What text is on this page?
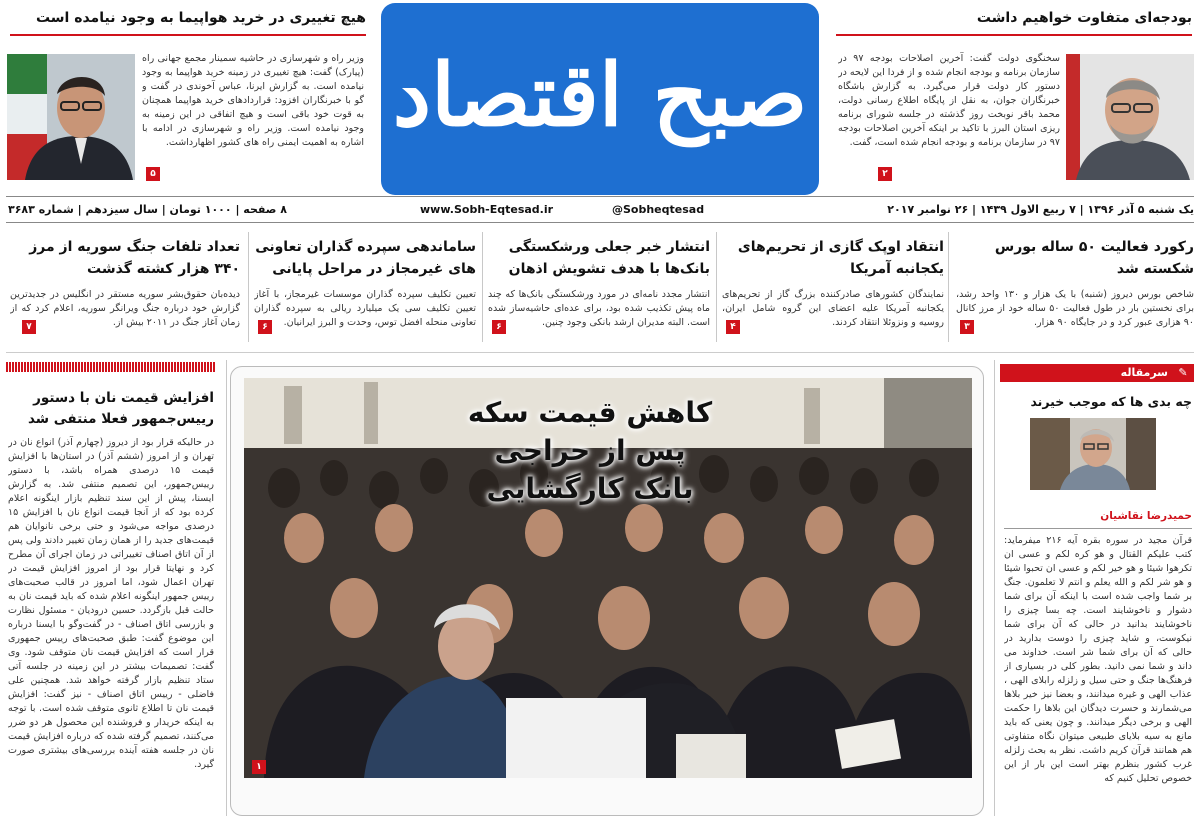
صبح اقتصاد
هیچ تغییری در خرید هواپیما به وجود نیامده است
وزیر راه و شهرسازی در حاشیه سمینار مجمع جهانی راه (پیارک) گفت: هیچ تغییری در زمینه خرید هواپیما به وجود نیامده است. به گزارش ایرنا، عباس آخوندی در گفت و گو با خبرنگاران افزود: قراردادهای خرید هواپیما همچنان به قوت خود باقی است و هیچ اتفاقی در این زمینه به وجود نیامده است. وزیر راه و شهرسازی در ادامه با اشاره به اهمیت ایمنی راه های کشور اظهارداشت.
۵
بودجه‌ای متفاوت خواهیم داشت
سخنگوی دولت گفت: آخرین اصلاحات بودجه ۹۷ در سازمان برنامه و بودجه انجام شده و از فردا این لایحه در دستور کار دولت قرار می‌گیرد. به گزارش باشگاه خبرنگاران جوان، به نقل از پایگاه اطلاع رسانی دولت، محمد باقر نوبخت روز گذشته در جلسه شورای برنامه ریزی استان البرز با تاکید بر اینکه آخرین اصلاحات بودجه ۹۷ در سازمان برنامه و بودجه انجام شده است، گفت.
۲
یک شنبه ۵ آذر ۱۳۹۶ | ۷ ربیع الاول ۱۴۳۹ | ۲۶ نوامبر ۲۰۱۷
@Sobheqtesad
www.Sobh-Eqtesad.ir
۸ صفحه | ۱۰۰۰ تومان | سال سیزدهم | شماره ۳۶۸۳
رکورد فعالیت ۵۰ ساله بورس شکسته شد
شاخص بورس دیروز (شنبه) با یک هزار و ۱۳۰ واحد رشد، برای نخستین بار در طول فعالیت ۵۰ ساله خود از مرز کانال ۹۰ هزاری عبور کرد و در جایگاه ۹۰ هزار.
۳
انتقاد اوپک گازی از تحریم‌های یکجانبه آمریکا
نمایندگان کشورهای صادرکننده بزرگ گاز از تحریم‌های یکجانبه آمریکا علیه اعضای این گروه شامل ایران، روسیه و ونزوئلا انتقاد کردند.
۴
انتشار خبر جعلی ورشکستگی بانک‌ها با هدف تشویش اذهان
انتشار مجدد نامه‌ای در مورد ورشکستگی بانک‌ها که چند ماه پیش تکذیب شده بود، برای عده‌ای حاشیه‌ساز شده است. البته مدیران ارشد بانکی وجود چنین.
۶
ساماندهی سپرده گذاران تعاونی های غیرمجاز در مراحل پایانی
تعیین تکلیف سپرده گذاران موسسات غیرمجاز، با آغاز تعیین تکلیف سی یک میلیارد ریالی به سپرده گذاران تعاونی منحله افضل توس، وحدت و البرز ایرانیان.
۶
تعداد تلفات جنگ سوریه از مرز ۳۴۰ هزار کشته گذشت
دیده‌بان حقوق‌بشر سوریه مستقر در انگلیس در جدیدترین گزارش خود درباره جنگ ویرانگر سوریه، اعلام کرد که از زمان آغاز جنگ در ۲۰۱۱ بیش از.
۷
افزایش قیمت نان با دستور رییس‌جمهور فعلا منتفی شد
در حالیکه قرار بود از دیروز (چهارم آذر) انواع نان در تهران و از امروز (ششم آذر) در استان‌ها با افزایش قیمت ۱۵ درصدی همراه باشد، با دستور رییس‌جمهور، این تصمیم منتفی شد. به گزارش ایسنا، پیش از این سند تنظیم بازار اینگونه اعلام کرده بود که از آنجا قیمت انواع نان با افزایش ۱۵ درصدی مواجه می‌شود و حتی برخی نانوایان هم قیمت‌های جدید را از همان زمان تغییر دادند ولی پس از آن اتاق اصناف تغییراتی در زمان اجرای آن مطرح کرد و نهایتا قرار بود از امروز افزایش قیمت در تهران اعمال شود، اما امروز در قالب صحبت‌های رییس جمهور اینگونه اعلام شده که باید قیمت نان به حالت قبل بازگردد. حسین درودیان - مسئول نظارت و بازرسی اتاق اصناف - در گفت‌وگو با ایسنا درباره این موضوع گفت: طبق صحبت‌های رییس جمهوری قرار است که افزایش قیمت نان متوقف شود. وی گفت: تصمیمات بیشتر در این زمینه در جلسه آتی ستاد تنظیم بازار گرفته خواهد شد. همچنین علی فاضلی - رییس اتاق اصناف - نیز گفت: افزایش قیمت نان تا اطلاع ثانوی متوقف شده است. با توجه به اینکه خریدار و فروشنده این محصول هر دو ضرر می‌کنند، تصمیم گرفته شده که درباره افزایش قیمت نان در جلسه هفته آینده بررسی‌های بیشتری صورت گیرد.
کاهش قیمت سکه
پس از حراجی
بانک کارگشایی
۱
سرمقاله ✎
چه بدی ها که موجب خیرند
حمیدرضا نقاشیان
قرآن مجید در سوره بقره آیه ۲۱۶ میفرماید: کتب علیکم القتال و هو کره لکم و عسی ان تکرهوا شیئا و هو خیر لکم و عسی ان تحبوا شیئا و هو شر لکم و الله یعلم و انتم لا تعلمون. جنگ بر شما واجب شده است با اینکه آن برای شما دشوار و ناخوشایند است. چه بسا چیزی را ناخوشایند بدانید در حالی که آن برای شما نیکوست، و شاید چیزی را دوست بدارید در حالی که آن برای شما شر است. خداوند می داند و شما نمی دانید. بطور کلی در بسیاری از فرهنگ‌ها جنگ و حتی سیل و زلزله رابلای الهی ، عذاب الهی و غیره میدانند، و بعضا نیز خیر بلاها می‌شمارند و حسرت دیدگان این بلاها را حکمت الهی و برخی دیگر میدانند. و چون یعنی که باید مانع به سیه بلایای طبیعی میتوان نگاه متفاوتی هم همانند قرآن کریم داشت. نظر به بحث زلزله غرب کشور بنظرم بهتر است این بار از این خصوص تحلیل کنیم که
